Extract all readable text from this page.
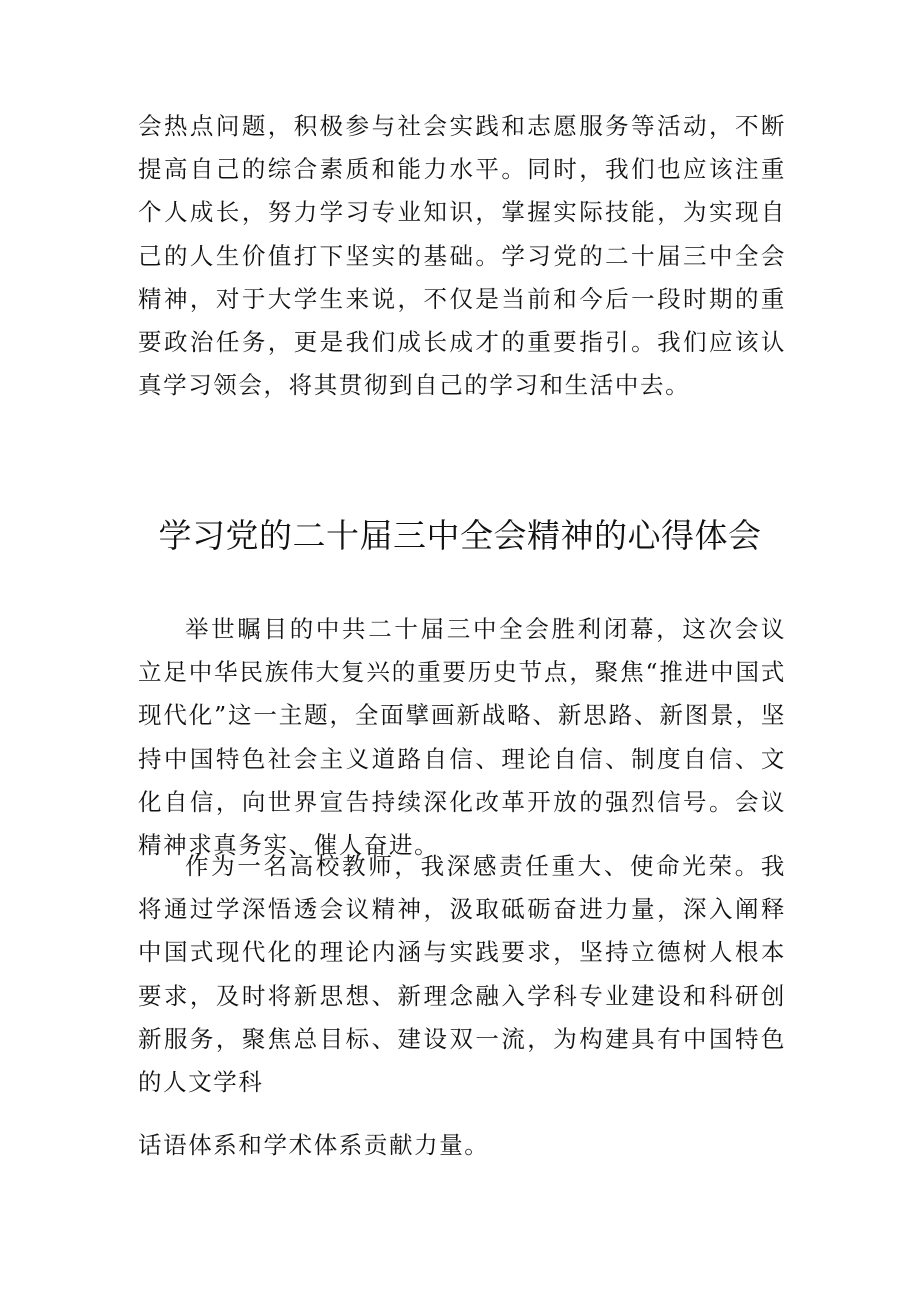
会热点问题，积极参与社会实践和志愿服务等活动，不断提高自己的综合素质和能力水平。同时，我们也应该注重个人成长，努力学习专业知识，掌握实际技能，为实现自己的人生价值打下坚实的基础。学习党的二十届三中全会精神，对于大学生来说，不仅是当前和今后一段时期的重要政治任务，更是我们成长成才的重要指引。我们应该认真学习领会，将其贯彻到自己的学习和生活中去。

学习党的二十届三中全会精神的心得体会

举世瞩目的中共二十届三中全会胜利闭幕，这次会议立足中华民族伟大复兴的重要历史节点，聚焦“推进中国式现代化”这一主题，全面擘画新战略、新思路、新图景，坚持中国特色社会主义道路自信、理论自信、制度自信、文化自信，向世界宣告持续深化改革开放的强烈信号。会议精神求真务实、催人奋进。

作为一名高校教师，我深感责任重大、使命光荣。我将通过学深悟透会议精神，汲取砥砺奋进力量，深入阐释中国式现代化的理论内涵与实践要求，坚持立德树人根本要求，及时将新思想、新理念融入学科专业建设和科研创新服务，聚焦总目标、建设双一流，为构建具有中国特色的人文学科

话语体系和学术体系贡献力量。
